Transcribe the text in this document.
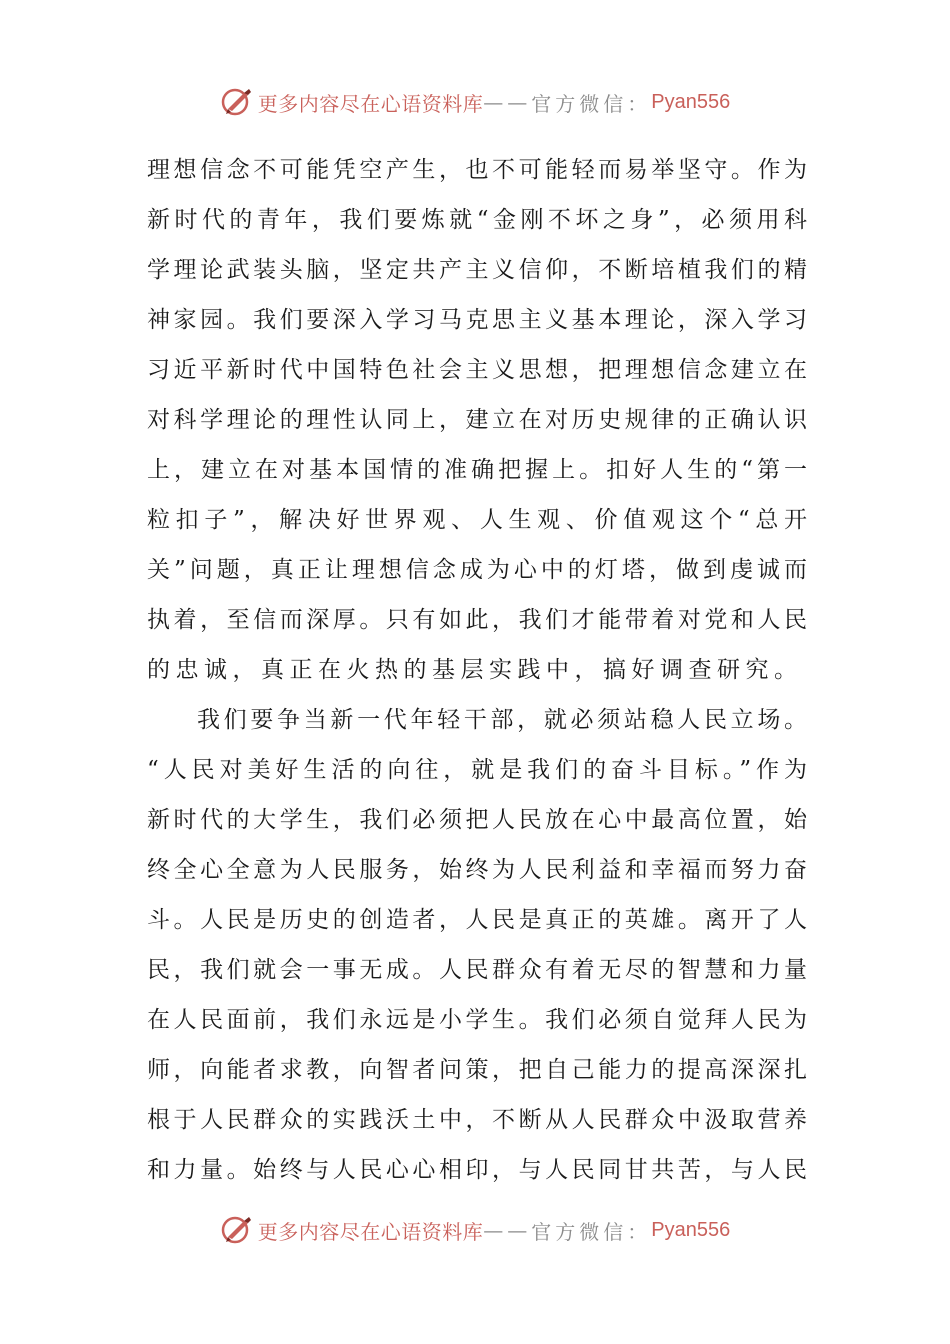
更多内容尽在心语资料库 —— 官方微信： Pyan556
理想信念不可能凭空产生，也不可能轻而易举坚守。作为
新时代的青年，我们要炼就“金刚不坏之身”，必须用科
学理论武装头脑，坚定共产主义信仰，不断培植我们的精
神家园。我们要深入学习马克思主义基本理论，深入学习
习近平新时代中国特色社会主义思想，把理想信念建立在
对科学理论的理性认同上，建立在对历史规律的正确认识
上，建立在对基本国情的准确把握上。扣好人生的“第一
粒扣子”，解决好世界观、人生观、价值观这个“总开
关”问题，真正让理想信念成为心中的灯塔，做到虔诚而
执着，至信而深厚。只有如此，我们才能带着对党和人民
的忠诚，真正在火热的基层实践中，搞好调查研究。
我们要争当新一代年轻干部，就必须站稳人民立场。
“人民对美好生活的向往，就是我们的奋斗目标。”作为
新时代的大学生，我们必须把人民放在心中最高位置，始
终全心全意为人民服务，始终为人民利益和幸福而努力奋
斗。人民是历史的创造者，人民是真正的英雄。离开了人
民，我们就会一事无成。人民群众有着无尽的智慧和力量
在人民面前，我们永远是小学生。我们必须自觉拜人民为
师，向能者求教，向智者问策，把自己能力的提高深深扎
根于人民群众的实践沃土中，不断从人民群众中汲取营养
和力量。始终与人民心心相印，与人民同甘共苦，与人民
更多内容尽在心语资料库 —— 官方微信： Pyan556
